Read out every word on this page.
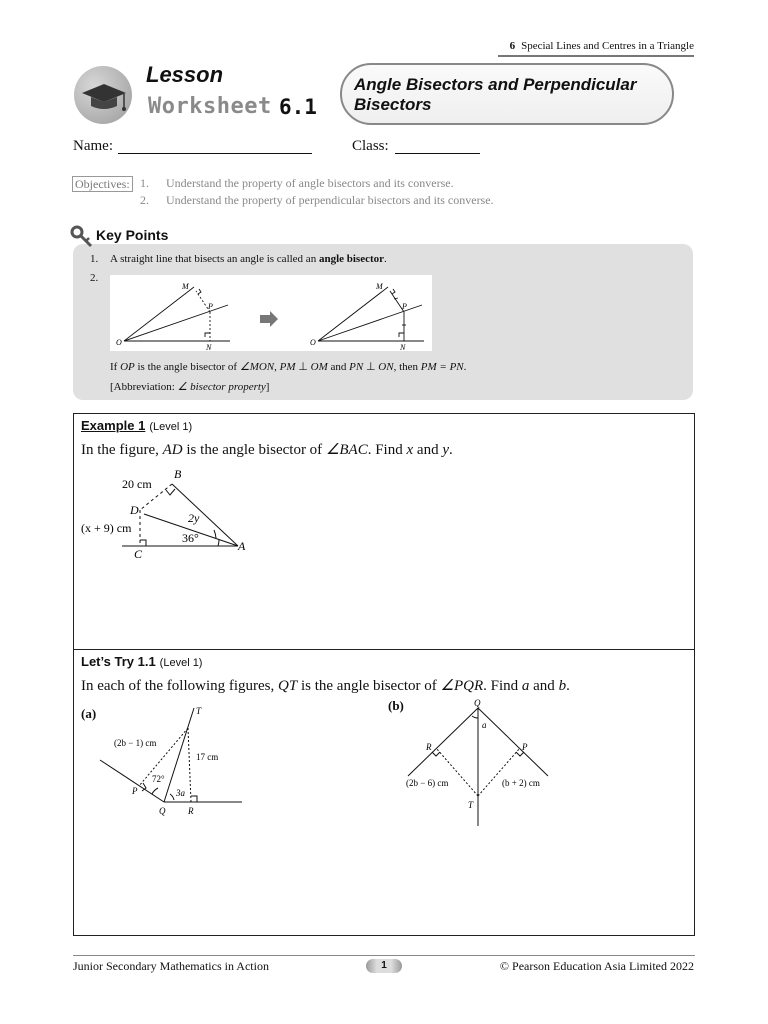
6 Special Lines and Centres in a Triangle
Lesson
Worksheet 6.1
Angle Bisectors and Perpendicular Bisectors
Name:	Class:
Objectives: 1. Understand the property of angle bisectors and its converse.
2. Understand the property of perpendicular bisectors and its converse.
Key Points
1. A straight line that bisects an angle is called an angle bisector.
2.
M
P
O
N
M
P
O
N
If OP is the angle bisector of ∠MON, PM ⊥ OM and PN ⊥ ON, then PM = PN.
[Abbreviation: ∠ bisector property]
Example 1 (Level 1)
In the figure, AD is the angle bisector of ∠BAC. Find x and y.
B
D
C
A
20 cm
(x + 9) cm
2y
36°
Let’s Try 1.1 (Level 1)
In each of the following figures, QT is the angle bisector of ∠PQR. Find a and b.
(a)
(b)
T
P
Q	R
(2b − 1) cm
17 cm
72°
3a
Q
R	P
T
a
(2b − 6) cm	(b + 2) cm
Junior Secondary Mathematics in Action	1	© Pearson Education Asia Limited 2022
